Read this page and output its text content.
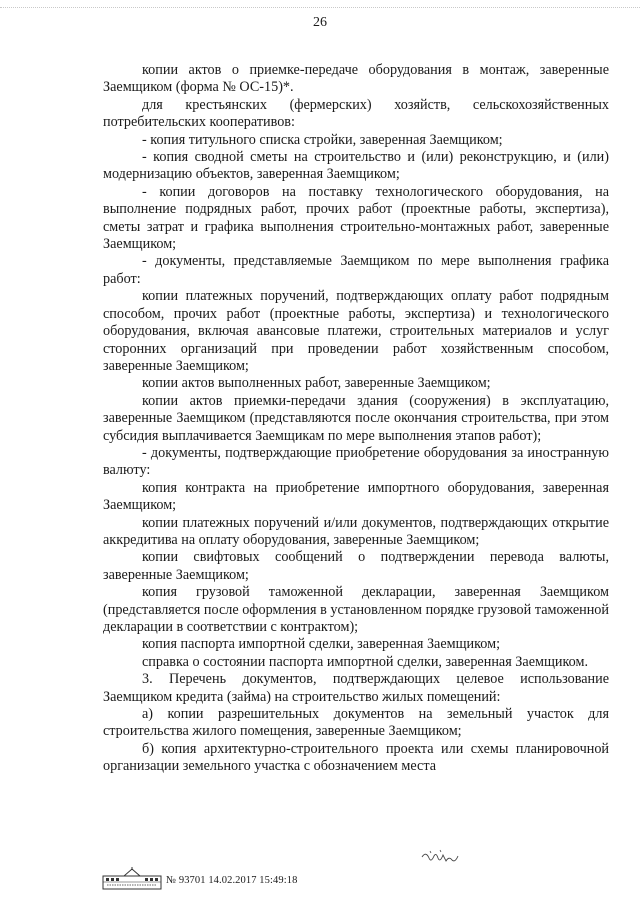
26

копии актов о приемке-передаче оборудования в монтаж, заверенные Заемщиком (форма № ОС-15)*.

для крестьянских (фермерских) хозяйств, сельскохозяйственных потребительских кооперативов:

- копия титульного списка стройки, заверенная Заемщиком;

- копия сводной сметы на строительство и (или) реконструкцию, и (или) модернизацию объектов, заверенная Заемщиком;

- копии договоров на поставку технологического оборудования, на выполнение подрядных работ, прочих работ (проектные работы, экспертиза), сметы затрат и графика выполнения строительно-монтажных работ, заверенные Заемщиком;

- документы, представляемые Заемщиком по мере выполнения графика работ:

копии платежных поручений, подтверждающих оплату работ подрядным способом, прочих работ (проектные работы, экспертиза) и технологического оборудования, включая авансовые платежи, строительных материалов и услуг сторонних организаций при проведении работ хозяйственным способом, заверенные Заемщиком;

копии актов выполненных работ, заверенные Заемщиком;

копии актов приемки-передачи здания (сооружения) в эксплуатацию, заверенные Заемщиком (представляются после окончания строительства, при этом субсидия выплачивается Заемщикам по мере выполнения этапов работ);

- документы, подтверждающие приобретение оборудования за иностранную валюту:

копия контракта на приобретение импортного оборудования, заверенная Заемщиком;

копии платежных поручений и/или документов, подтверждающих открытие аккредитива на оплату оборудования, заверенные Заемщиком;

копии свифтовых сообщений о подтверждении перевода валюты, заверенные Заемщиком;

копия грузовой таможенной декларации, заверенная Заемщиком (представляется после оформления в установленном порядке грузовой таможенной декларации в соответствии с контрактом);

копия паспорта импортной сделки, заверенная Заемщиком;

справка о состоянии паспорта импортной сделки, заверенная Заемщиком.

3. Перечень документов, подтверждающих целевое использование Заемщиком кредита (займа) на строительство жилых помещений:

а) копии разрешительных документов на земельный участок для строительства жилого помещения, заверенные Заемщиком;

б) копия архитектурно-строительного проекта или схемы планировочной организации земельного участка с обозначением места

№ 93701 14.02.2017 15:49:18
